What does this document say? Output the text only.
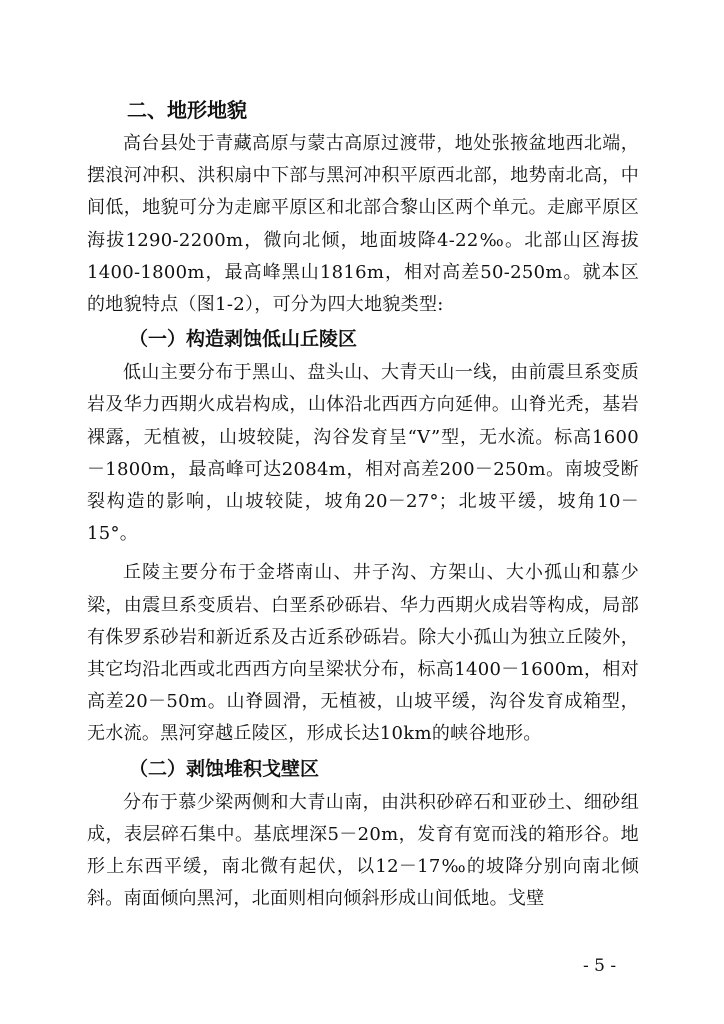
二、地形地貌

高台县处于青藏高原与蒙古高原过渡带，地处张掖盆地西北端，摆浪河冲积、洪积扇中下部与黑河冲积平原西北部，地势南北高，中间低，地貌可分为走廊平原区和北部合黎山区两个单元。走廊平原区海拔1290-2200m，微向北倾，地面坡降4-22‰。北部山区海拔1400-1800m，最高峰黑山1816m，相对高差50-250m。就本区的地貌特点（图1-2），可分为四大地貌类型:

（一）构造剥蚀低山丘陵区

低山主要分布于黑山、盘头山、大青天山一线，由前震旦系变质岩及华力西期火成岩构成，山体沿北西西方向延伸。山脊光秃，基岩裸露，无植被，山坡较陡，沟谷发育呈“V”型，无水流。标高1600－1800m，最高峰可达2084m，相对高差200－250m。南坡受断裂构造的影响，山坡较陡，坡角20－27°；北坡平缓，坡角10－15°。

丘陵主要分布于金塔南山、井子沟、方架山、大小孤山和慕少梁，由震旦系变质岩、白垩系砂砾岩、华力西期火成岩等构成，局部有侏罗系砂岩和新近系及古近系砂砾岩。除大小孤山为独立丘陵外，其它均沿北西或北西西方向呈梁状分布，标高1400－1600m，相对高差20－50m。山脊圆滑，无植被，山坡平缓，沟谷发育成箱型，无水流。黑河穿越丘陵区，形成长达10km的峡谷地形。

（二）剥蚀堆积戈壁区

分布于慕少梁两侧和大青山南，由洪积砂碎石和亚砂土、细砂组成，表层碎石集中。基底埋深5－20m，发育有宽而浅的箱形谷。地形上东西平缓，南北微有起伏，以12－17‰的坡降分别向南北倾斜。南面倾向黑河，北面则相向倾斜形成山间低地。戈壁

- 5 -
